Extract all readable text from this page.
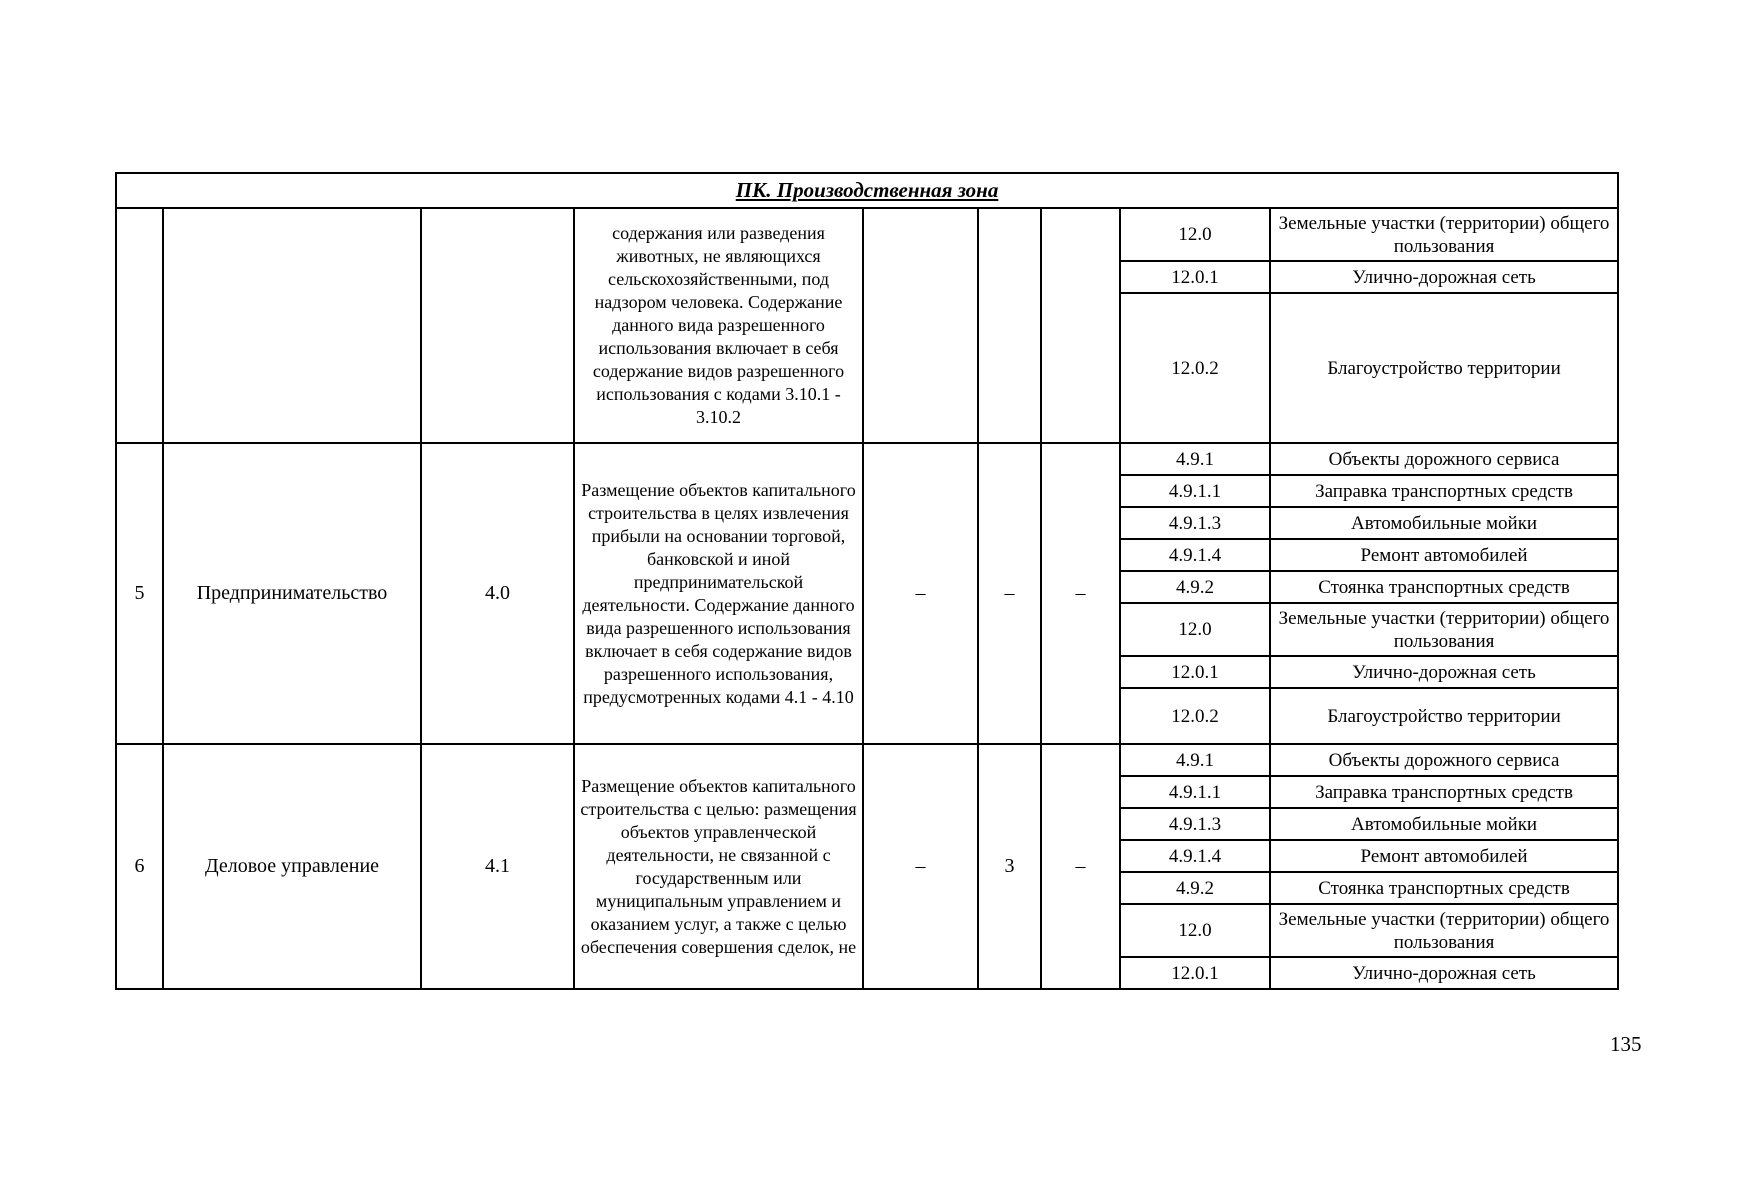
ПК. Производственная зона								
			содержания или разведения животных, не являющихся сельскохозяйственными, под надзором человека. Содержание данного вида разрешенного использования включает в себя содержание видов разрешенного использования с кодами 3.10.1 - 3.10.2				12.0	Земельные участки (территории) общего пользования
							12.0.1	Улично-дорожная сеть
							12.0.2	Благоустройство территории
5	Предпринимательство	4.0	Размещение объектов капитального строительства в целях извлечения прибыли на основании торговой, банковской и иной предпринимательской деятельности. Содержание данного вида разрешенного использования включает в себя содержание видов разрешенного использования, предусмотренных кодами 4.1 - 4.10	–	–	–	4.9.1	Объекты дорожного сервиса
							4.9.1.1	Заправка транспортных средств
							4.9.1.3	Автомобильные мойки
							4.9.1.4	Ремонт автомобилей
							4.9.2	Стоянка транспортных средств
							12.0	Земельные участки (территории) общего пользования
							12.0.1	Улично-дорожная сеть
							12.0.2	Благоустройство территории
6	Деловое управление	4.1	Размещение объектов капитального строительства с целью: размещения объектов управленческой деятельности, не связанной с государственным или муниципальным управлением и оказанием услуг, а также с целью обеспечения совершения сделок, не	–	3	–	4.9.1	Объекты дорожного сервиса
							4.9.1.1	Заправка транспортных средств
							4.9.1.3	Автомобильные мойки
							4.9.1.4	Ремонт автомобилей
							4.9.2	Стоянка транспортных средств
							12.0	Земельные участки (территории) общего пользования
							12.0.1	Улично-дорожная сеть
135
